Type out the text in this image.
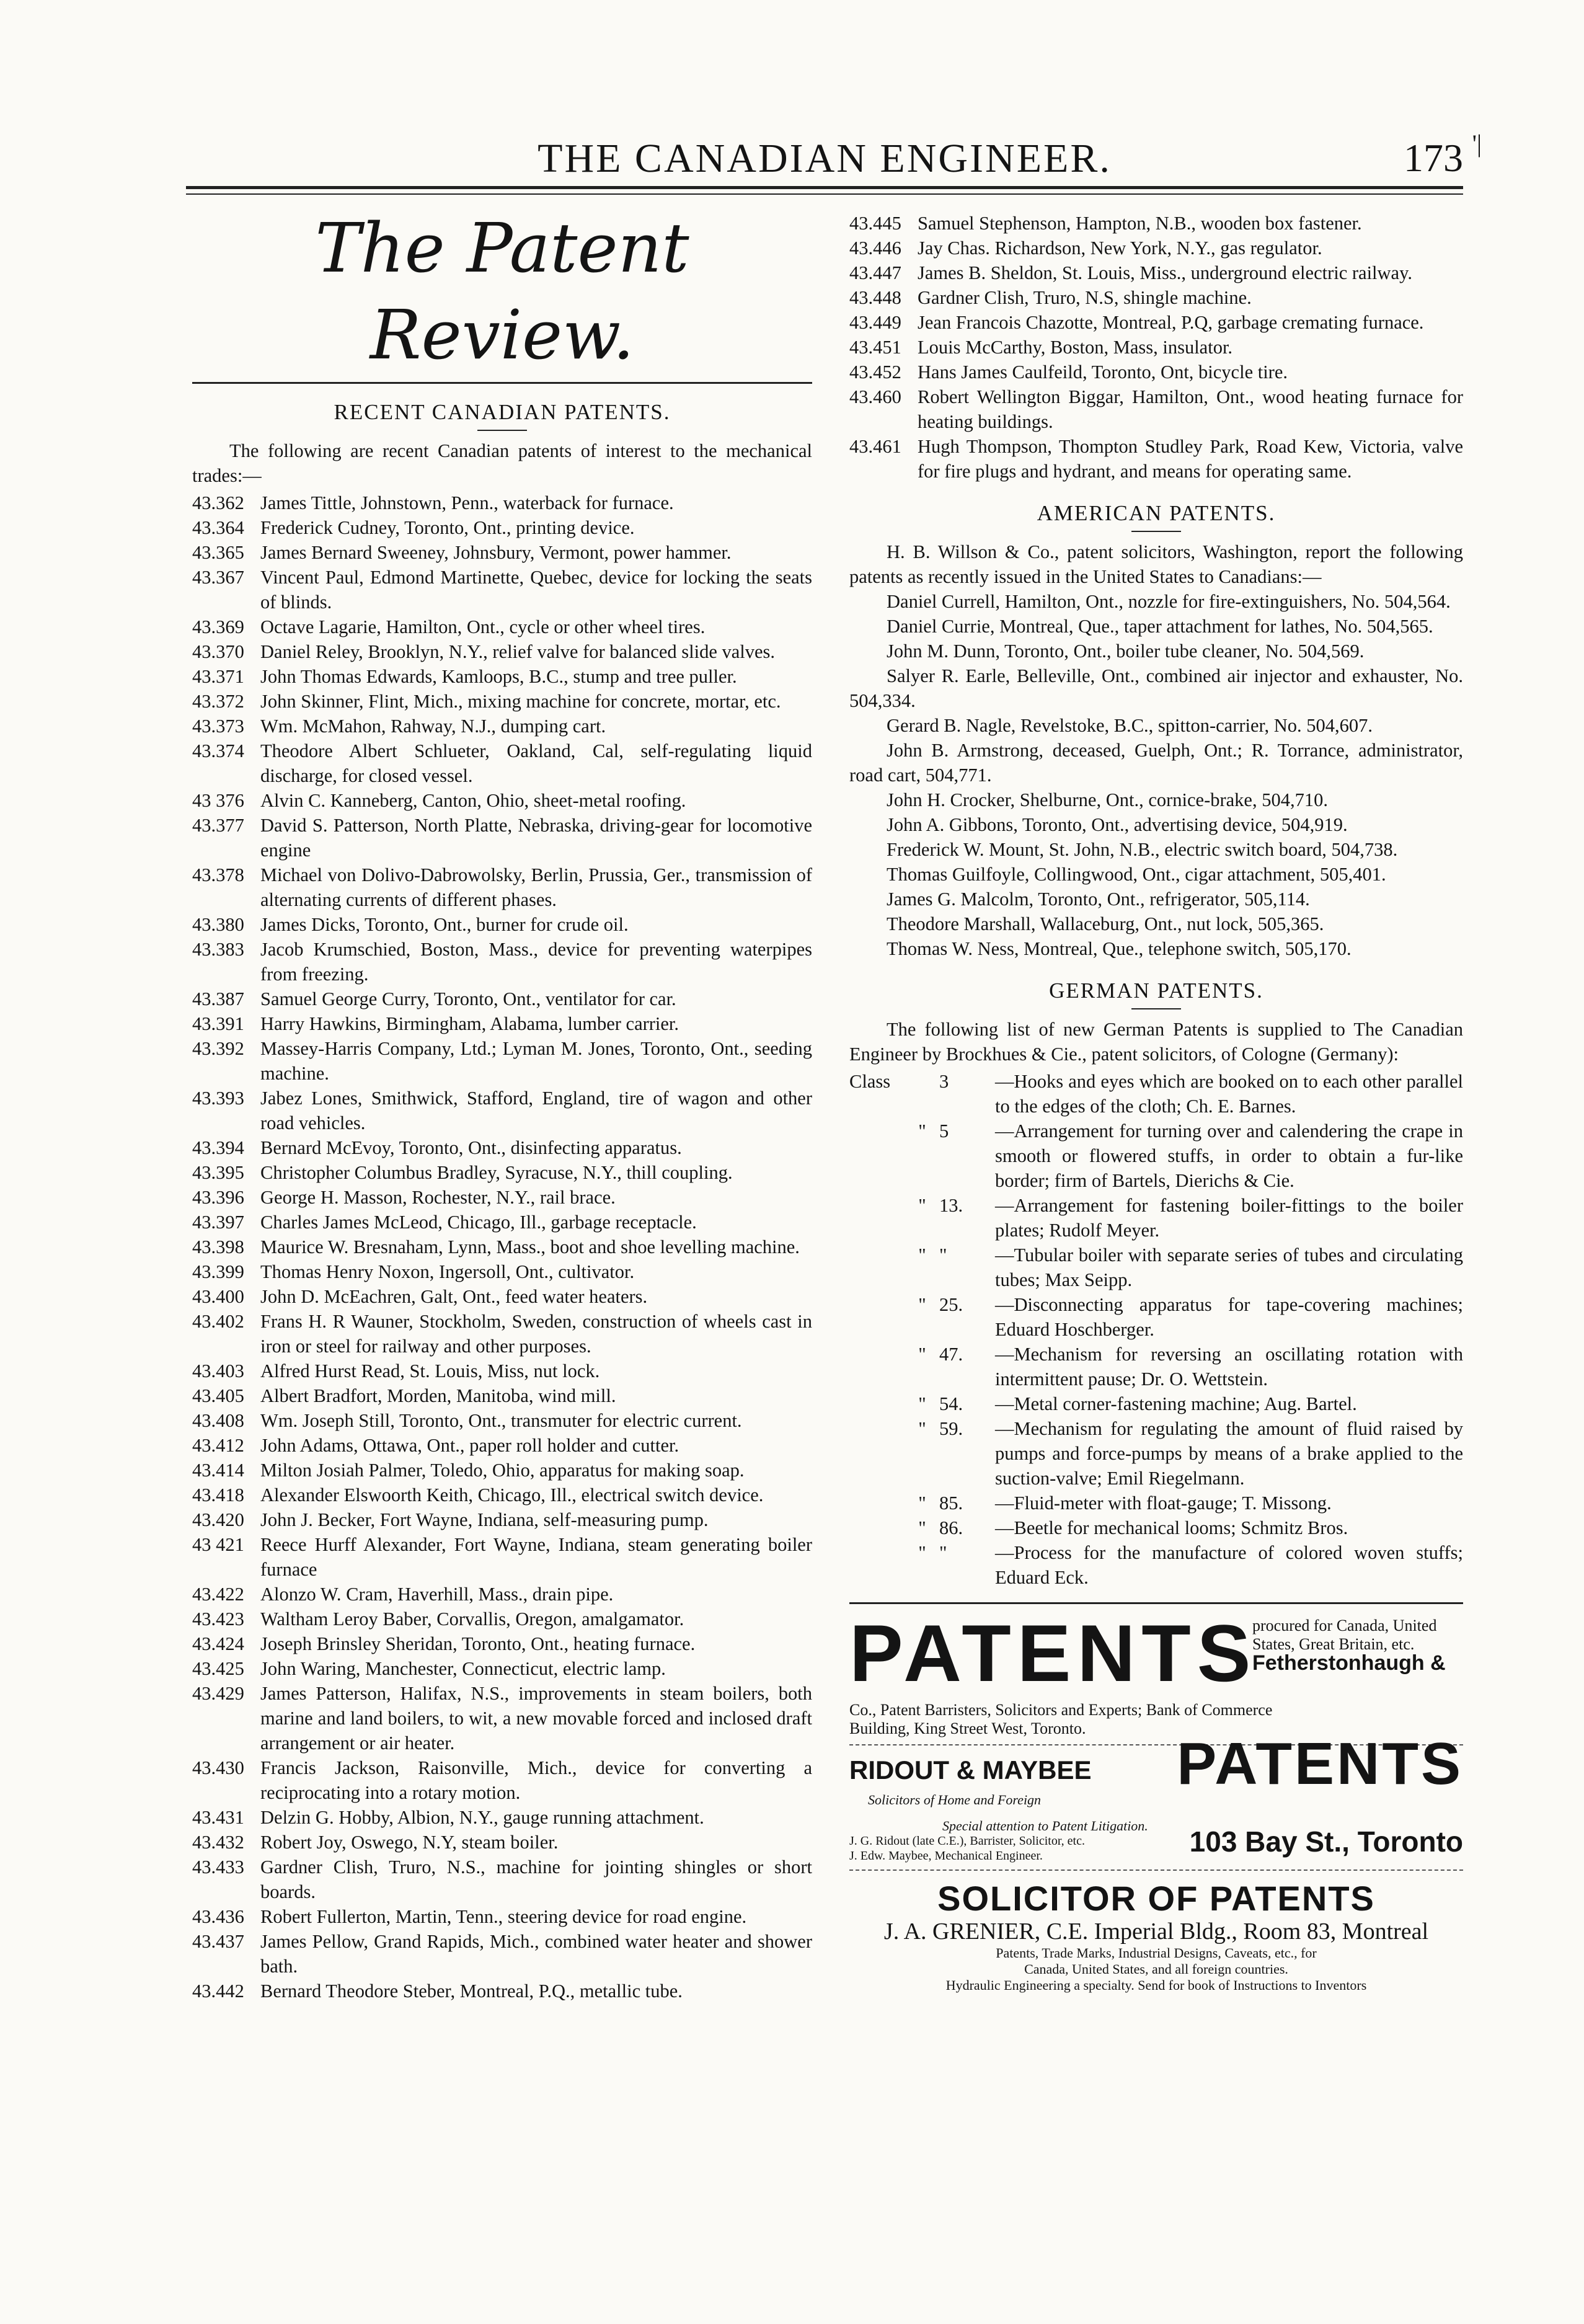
THE CANADIAN ENGINEER.	173 '|
The Patent Review.
RECENT CANADIAN PATENTS.

The following are recent Canadian patents of interest to the mechanical trades:—

43.362 James Tittle, Johnstown, Penn., waterback for furnace.
43.364 Frederick Cudney, Toronto, Ont., printing device.
43.365 James Bernard Sweeney, Johnsbury, Vermont, power hammer.
43.367 Vincent Paul, Edmond Martinette, Quebec, device for locking the seats of blinds.
43.369 Octave Lagarie, Hamilton, Ont., cycle or other wheel tires.
43.370 Daniel Reley, Brooklyn, N.Y., relief valve for balanced slide valves.
43.371 John Thomas Edwards, Kamloops, B.C., stump and tree puller.
43.372 John Skinner, Flint, Mich., mixing machine for concrete, mortar, etc.
43.373 Wm. McMahon, Rahway, N.J., dumping cart.
43.374 Theodore Albert Schlueter, Oakland, Cal, self-regulating liquid discharge, for closed vessel.
43 376 Alvin C. Kanneberg, Canton, Ohio, sheet-metal roofing.
43.377 David S. Patterson, North Platte, Nebraska, driving-gear for locomotive engine
43.378 Michael von Dolivo-Dabrowolsky, Berlin, Prussia, Ger., transmission of alternating currents of different phases.
43.380 James Dicks, Toronto, Ont., burner for crude oil.
43.383 Jacob Krumschied, Boston, Mass., device for preventing waterpipes from freezing.
43.387 Samuel George Curry, Toronto, Ont., ventilator for car.
43.391 Harry Hawkins, Birmingham, Alabama, lumber carrier.
43.392 Massey-Harris Company, Ltd.; Lyman M. Jones, Toronto, Ont., seeding machine.
43.393 Jabez Lones, Smithwick, Stafford, England, tire of wagon and other road vehicles.
43.394 Bernard McEvoy, Toronto, Ont., disinfecting apparatus.
43.395 Christopher Columbus Bradley, Syracuse, N.Y., thill coupling.
43.396 George H. Masson, Rochester, N.Y., rail brace.
43.397 Charles James McLeod, Chicago, Ill., garbage receptacle.
43.398 Maurice W. Bresnaham, Lynn, Mass., boot and shoe levelling machine.
43.399 Thomas Henry Noxon, Ingersoll, Ont., cultivator.
43.400 John D. McEachren, Galt, Ont., feed water heaters.
43.402 Frans H. R Wauner, Stockholm, Sweden, construction of wheels cast in iron or steel for railway and other purposes.
43.403 Alfred Hurst Read, St. Louis, Miss, nut lock.
43.405 Albert Bradfort, Morden, Manitoba, wind mill.
43.408 Wm. Joseph Still, Toronto, Ont., transmuter for electric current.
43.412 John Adams, Ottawa, Ont., paper roll holder and cutter.
43.414 Milton Josiah Palmer, Toledo, Ohio, apparatus for making soap.
43.418 Alexander Elswoorth Keith, Chicago, Ill., electrical switch device.
43.420 John J. Becker, Fort Wayne, Indiana, self-measuring pump.
43 421 Reece Hurff Alexander, Fort Wayne, Indiana, steam generating boiler furnace
43.422 Alonzo W. Cram, Haverhill, Mass., drain pipe.
43.423 Waltham Leroy Baber, Corvallis, Oregon, amalgamator.
43.424 Joseph Brinsley Sheridan, Toronto, Ont., heating furnace.
43.425 John Waring, Manchester, Connecticut, electric lamp.
43.429 James Patterson, Halifax, N.S., improvements in steam boilers, both marine and land boilers, to wit, a new movable forced and inclosed draft arrangement or air heater.
43.430 Francis Jackson, Raisonville, Mich., device for converting a reciprocating into a rotary motion.
43.431 Delzin G. Hobby, Albion, N.Y., gauge running attachment.
43.432 Robert Joy, Oswego, N.Y, steam boiler.
43.433 Gardner Clish, Truro, N.S., machine for jointing shingles or short boards.
43.436 Robert Fullerton, Martin, Tenn., steering device for road engine.
43.437 James Pellow, Grand Rapids, Mich., combined water heater and shower bath.
43.442 Bernard Theodore Steber, Montreal, P.Q., metallic tube.
43.445 Samuel Stephenson, Hampton, N.B., wooden box fastener.
43.446 Jay Chas. Richardson, New York, N.Y., gas regulator.
43.447 James B. Sheldon, St. Louis, Miss., underground electric railway.
43.448 Gardner Clish, Truro, N.S, shingle machine.
43.449 Jean Francois Chazotte, Montreal, P.Q, garbage cremating furnace.
43.451 Louis McCarthy, Boston, Mass, insulator.
43.452 Hans James Caulfeild, Toronto, Ont, bicycle tire.
43.460 Robert Wellington Biggar, Hamilton, Ont., wood heating furnace for heating buildings.
43.461 Hugh Thompson, Thompton Studley Park, Road Kew, Victoria, valve for fire plugs and hydrant, and means for operating same.
AMERICAN PATENTS.

H. B. Willson & Co., patent solicitors, Washington, report the following patents as recently issued in the United States to Canadians:—

Daniel Currell, Hamilton, Ont., nozzle for fire-extinguishers, No. 504,564.

Daniel Currie, Montreal, Que., taper attachment for lathes, No. 504,565.

John M. Dunn, Toronto, Ont., boiler tube cleaner, No. 504,569.

Salyer R. Earle, Belleville, Ont., combined air injector and exhauster, No. 504,334.

Gerard B. Nagle, Revelstoke, B.C., spitton-carrier, No. 504,607.

John B. Armstrong, deceased, Guelph, Ont.; R. Torrance, administrator, road cart, 504,771.

John H. Crocker, Shelburne, Ont., cornice-brake, 504,710.

John A. Gibbons, Toronto, Ont., advertising device, 504,919.

Frederick W. Mount, St. John, N.B., electric switch board, 504,738.

Thomas Guilfoyle, Collingwood, Ont., cigar attachment, 505,401.

James G. Malcolm, Toronto, Ont., refrigerator, 505,114.

Theodore Marshall, Wallaceburg, Ont., nut lock, 505,365.

Thomas W. Ness, Montreal, Que., telephone switch, 505,170.

GERMAN PATENTS.

The following list of new German Patents is supplied to The Canadian Engineer by Brockhues & Cie., patent solicitors, of Cologne (Germany):

Class	3 —Hooks and eyes which are booked on to each other parallel to the edges of the cloth; Ch. E. Barnes.
" 5 —Arrangement for turning over and calendering the crape in smooth or flowered stuffs, in order to obtain a fur-like border; firm of Bartels, Dierichs & Cie.
" 13. —Arrangement for fastening boiler-fittings to the boiler plates; Rudolf Meyer.
" "	—Tubular boiler with separate series of tubes and circulating tubes; Max Seipp.
" 25. —Disconnecting apparatus for tape-covering machines; Eduard Hoschberger.
" 47. —Mechanism for reversing an oscillating rotation with intermittent pause; Dr. O. Wettstein.
" 54. —Metal corner-fastening machine; Aug. Bartel.
" 59. —Mechanism for regulating the amount of fluid raised by pumps and force-pumps by means of a brake applied to the suction-valve; Emil Riegelmann.
" 85. —Fluid-meter with float-gauge; T. Missong.
" 86. —Beetle for mechanical looms; Schmitz Bros.
" "	—Process for the manufacture of colored woven stuffs; Eduard Eck.
PATENTS
procured for Canada, United
States, Great Britain, etc.
Fetherstonhaugh &
Co., Patent Barristers, Solicitors and Experts; Bank of Commerce
Building, King Street West, Toronto.
RIDOUT & MAYBEE
Solicitors of Home and Foreign
PATENTS
Special attention to Patent Litigation.
J. G. Ridout (late C.E.), Barrister, Solicitor, etc.
J. Edw. Maybee, Mechanical Engineer.	103 Bay St., Toronto
SOLICITOR OF PATENTS
J. A. GRENIER, C.E. Imperial Bldg., Room 83, Montreal
Patents, Trade Marks, Industrial Designs, Caveats, etc., for
Canada, United States, and all foreign countries.
Hydraulic Engineering a specialty. Send for book of Instructions to Inventors
